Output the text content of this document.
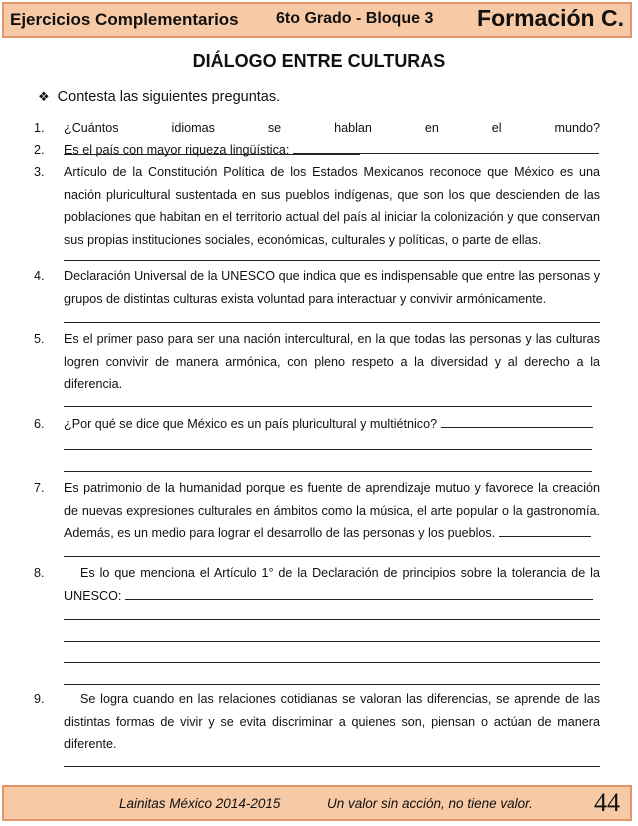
Ejercicios Complementarios 6to Grado - Bloque 3 Formación C.
DIÁLOGO ENTRE CULTURAS
❖ Contesta las siguientes preguntas.
1.	¿Cuántos idiomas se hablan en el mundo?
2.	Es el país con mayor riqueza lingüística:
3.	Artículo de la Constitución Política de los Estados Mexicanos reconoce que México es una nación pluricultural sustentada en sus pueblos indígenas, que son los que descienden de las poblaciones que habitan en el territorio actual del país al iniciar la colonización y que conservan sus propias instituciones sociales, económicas, culturales y políticas, o parte de ellas.
4.	Declaración Universal de la UNESCO que indica que es indispensable que entre las personas y grupos de distintas culturas exista voluntad para interactuar y convivir armónicamente.
5.	Es el primer paso para ser una nación intercultural, en la que todas las personas y las culturas logren convivir de manera armónica, con pleno respeto a la diversidad y al derecho a la diferencia.
6.	¿Por qué se dice que México es un país pluricultural y multiétnico?
7.	Es patrimonio de la humanidad porque es fuente de aprendizaje mutuo y favorece la creación de nuevas expresiones culturales en ámbitos como la música, el arte popular o la gastronomía. Además, es un medio para lograr el desarrollo de las personas y los pueblos.
8.	Es lo que menciona el Artículo 1° de la Declaración de principios sobre la tolerancia de la UNESCO:
9.	Se logra cuando en las relaciones cotidianas se valoran las diferencias, se aprende de las distintas formas de vivir y se evita discriminar a quienes son, piensan o actúan de manera diferente.
Lainitas México 2014-2015	Un valor sin acción, no tiene valor. 44
